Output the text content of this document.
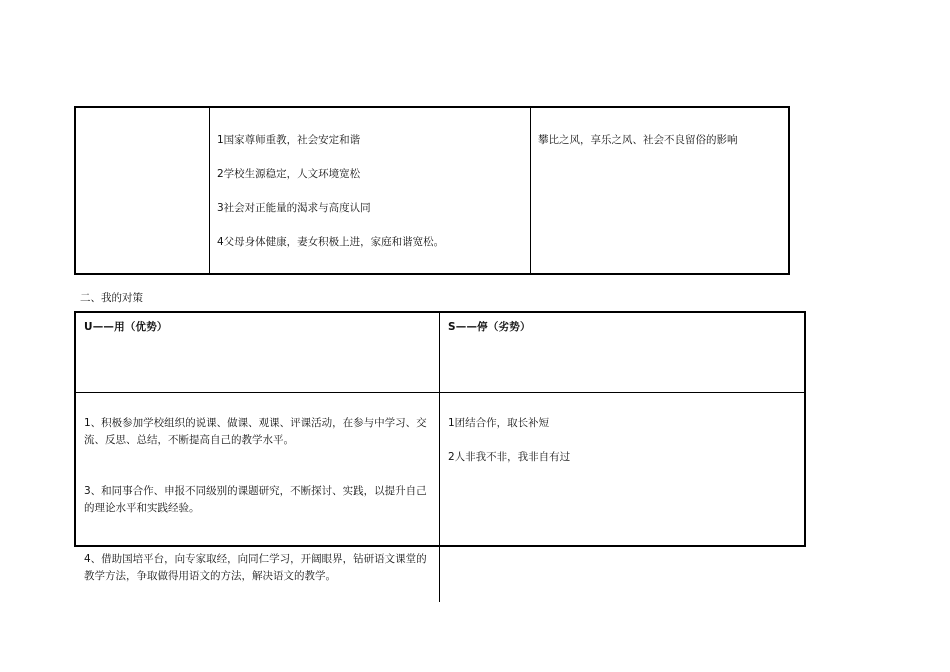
1国家尊师重教，社会安定和谐

2学校生源稳定，人文环境宽松

3社会对正能量的渴求与高度认同

4父母身体健康，妻女积极上进，家庭和谐宽松。

攀比之风，享乐之风、社会不良留俗的影响

二、我的对策
U——用（优势）	S——停（劣势）

1、积极参加学校组织的说课、做课、观课、评课活动，在参与中学习、交流、反思、总结，不断提高自己的教学水平。

3、和同事合作、申报不同级别的课题研究，不断探讨、实践，以提升自己的理论水平和实践经验。

4、借助国培平台，向专家取经，向同仁学习，开阔眼界，钻研语文课堂的教学方法，争取做得用语文的方法，解决语文的教学。

1团结合作，取长补短

2人非我不非，我非自有过
